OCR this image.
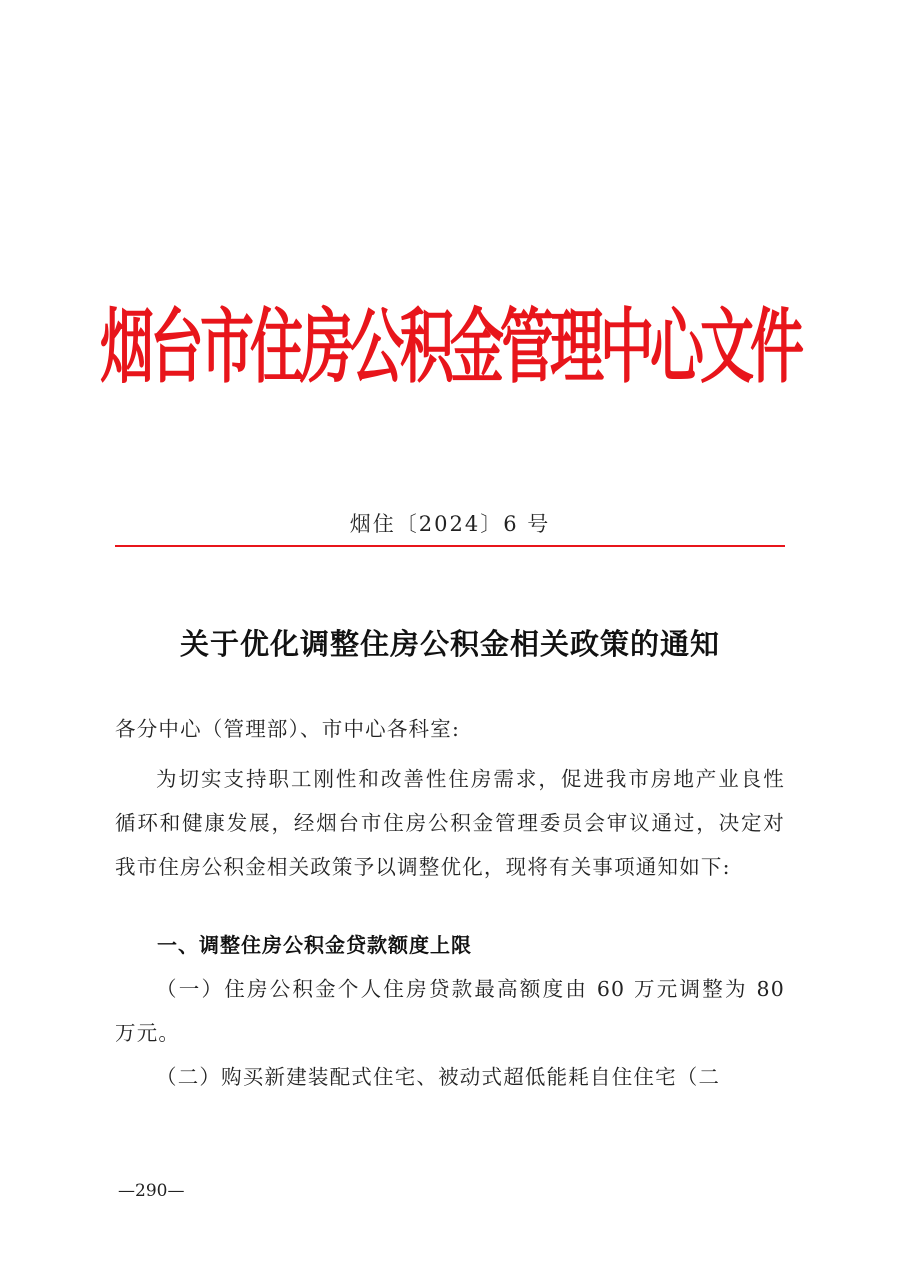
烟台市住房公积金管理中心文件
烟住〔2024〕6 号
关于优化调整住房公积金相关政策的通知
各分中心（管理部）、市中心各科室:
为切实支持职工刚性和改善性住房需求，促进我市房地产业良性循环和健康发展，经烟台市住房公积金管理委员会审议通过，决定对我市住房公积金相关政策予以调整优化，现将有关事项通知如下:
一、调整住房公积金贷款额度上限
（一）住房公积金个人住房贷款最高额度由 60 万元调整为 80 万元。
（二）购买新建装配式住宅、被动式超低能耗自住住宅（二
—290—
